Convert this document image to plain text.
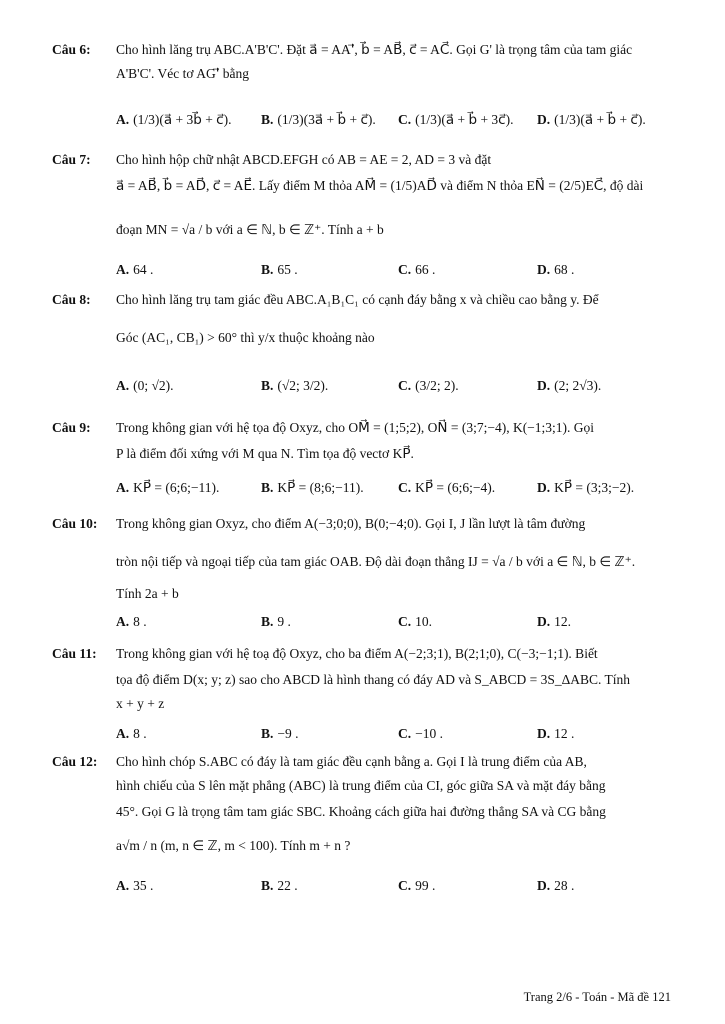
Câu 6:	Cho hình lăng trụ ABC.A'B'C'. Đặt a⃗ = AA'⃗, b⃗ = AB⃗, c⃗ = AC⃗. Gọi G' là trọng tâm của tam giác
A'B'C'. Véc tơ AG'⃗ bằng
A. (1/3)(a⃗ + 3b⃗ + c⃗). B. (1/3)(3a⃗ + b⃗ + c⃗). C. (1/3)(a⃗ + b⃗ + 3c⃗). D. (1/3)(a⃗ + b⃗ + c⃗).
Câu 7:	Cho hình hộp chữ nhật ABCD.EFGH có AB = AE = 2, AD = 3 và đặt
a⃗ = AB⃗, b⃗ = AD⃗, c⃗ = AE⃗. Lấy điểm M thỏa AM⃗ = (1/5)AD⃗ và điểm N thỏa EN⃗ = (2/5)EC⃗, độ dài
đoạn MN = √a / b với a ∈ ℕ, b ∈ ℤ⁺. Tính a + b
A. 64 .	B. 65 .	C. 66 .	D. 68 .
Câu 8:	Cho hình lăng trụ tam giác đều ABC.A₁B₁C₁ có cạnh đáy bằng x và chiều cao bằng y. Để
Góc (AC₁, CB₁) > 60° thì y/x thuộc khoảng nào
A. (0; √2).	B. (√2; 3/2).	C. (3/2; 2).	D. (2; 2√3).
Câu 9:	Trong không gian với hệ tọa độ Oxyz, cho OM⃗ = (1;5;2), ON⃗ = (3;7;−4), K(−1;3;1). Gọi
P là điểm đối xứng với M qua N. Tìm tọa độ vectơ KP⃗.
A. KP⃗ = (6;6;−11).	B. KP⃗ = (8;6;−11).	C. KP⃗ = (6;6;−4).	D. KP⃗ = (3;3;−2).
Câu 10:	Trong không gian Oxyz, cho điểm A(−3;0;0), B(0;−4;0). Gọi I, J lần lượt là tâm đường
tròn nội tiếp và ngoại tiếp của tam giác OAB. Độ dài đoạn thẳng IJ = √a / b với a ∈ ℕ, b ∈ ℤ⁺.
Tính 2a + b
A. 8 .	B. 9 .	C. 10.	D. 12.
Câu 11:	Trong không gian với hệ toạ độ Oxyz, cho ba điểm A(−2;3;1), B(2;1;0), C(−3;−1;1). Biết
tọa độ điểm D(x; y; z) sao cho ABCD là hình thang có đáy AD và S_ABCD = 3S_ΔABC. Tính
x + y + z
A. 8 .	B. −9 .	C. −10 .	D. 12 .
Câu 12:	Cho hình chóp S.ABC có đáy là tam giác đều cạnh bằng a. Gọi I là trung điểm của AB,
hình chiếu của S lên mặt phẳng (ABC) là trung điểm của CI, góc giữa SA và mặt đáy bằng
45°. Gọi G là trọng tâm tam giác SBC. Khoảng cách giữa hai đường thẳng SA và CG bằng
a√m / n (m, n ∈ ℤ, m < 100). Tính m + n ?
A. 35 .	B. 22 .	C. 99 .	D. 28 .
Trang 2/6 - Toán - Mã đề 121
